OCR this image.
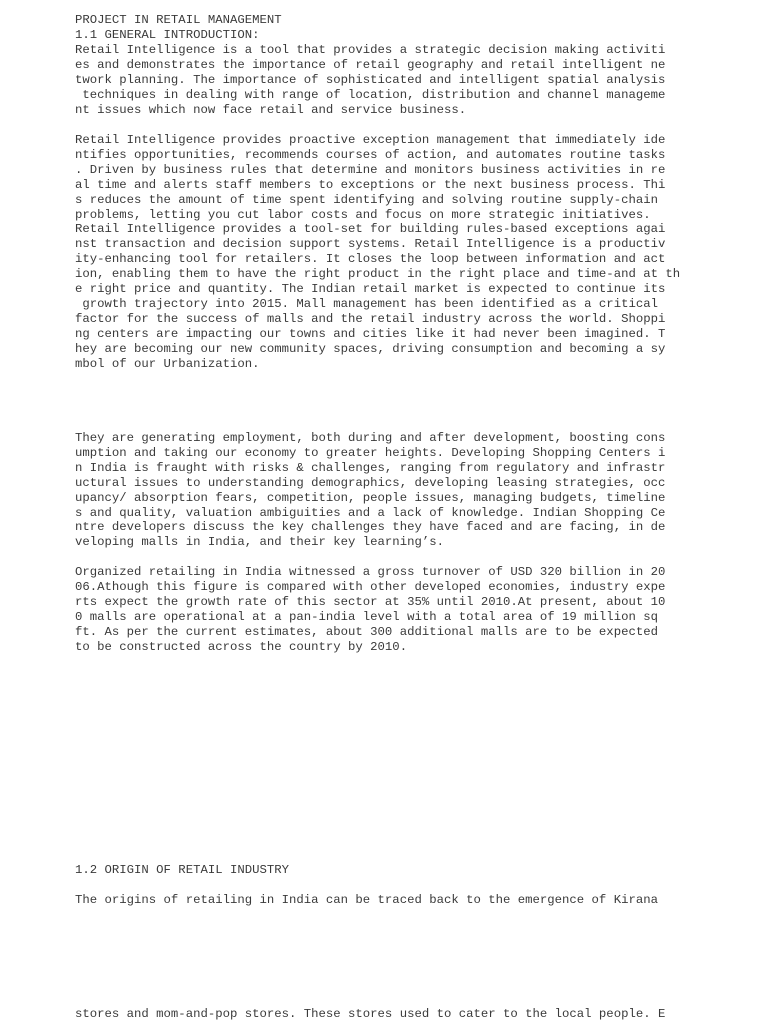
PROJECT IN RETAIL MANAGEMENT

1.1 GENERAL INTRODUCTION:

Retail Intelligence is a tool that provides a strategic decision making activiti
es and demonstrates the importance of retail geography and retail intelligent ne
twork planning. The importance of sophisticated and intelligent spatial analysis
techniques in dealing with range of location, distribution and channel manageme
nt issues which now face retail and service business.
Retail Intelligence provides proactive exception management that immediately ide
ntifies opportunities, recommends courses of action, and automates routine tasks
. Driven by business rules that determine and monitors business activities in re
al time and alerts staff members to exceptions or the next business process. Thi
s reduces the amount of time spent identifying and solving routine supply-chain
problems, letting you cut labor costs and focus on more strategic initiatives.
Retail Intelligence provides a tool-set for building rules-based exceptions agai
nst transaction and decision support systems. Retail Intelligence is a productiv
ity-enhancing tool for retailers. It closes the loop between information and act
ion, enabling them to have the right product in the right place and time-and at th
e right price and quantity. The Indian retail market is expected to continue its
growth trajectory into 2015. Mall management has been identified as a critical
factor for the success of malls and the retail industry across the world. Shoppi
ng centers are impacting our towns and cities like it had never been imagined. T
hey are becoming our new community spaces, driving consumption and becoming a sy
mbol of our Urbanization.
They are generating employment, both during and after development, boosting cons
umption and taking our economy to greater heights. Developing Shopping Centers i
n India is fraught with risks & challenges, ranging from regulatory and infrastr
uctural issues to understanding demographics, developing leasing strategies, occ
upancy/ absorption fears, competition, people issues, managing budgets, timeline
s and quality, valuation ambiguities and a lack of knowledge. Indian Shopping Ce
ntre developers discuss the key challenges they have faced and are facing, in de
veloping malls in India, and their key learning’s.
Organized retailing in India witnessed a gross turnover of USD 320 billion in 20
06.Athough this figure is compared with other developed economies, industry expe
rts expect the growth rate of this sector at 35% until 2010.At present, about 10
0 malls are operational at a pan-india level with a total area of 19 million sq
ft. As per the current estimates, about 300 additional malls are to be expected
to be constructed across the country by 2010.

1.2 ORIGIN OF RETAIL INDUSTRY

The origins of retailing in India can be traced back to the emergence of Kirana

stores and mom-and-pop stores. These stores used to cater to the local people. E
